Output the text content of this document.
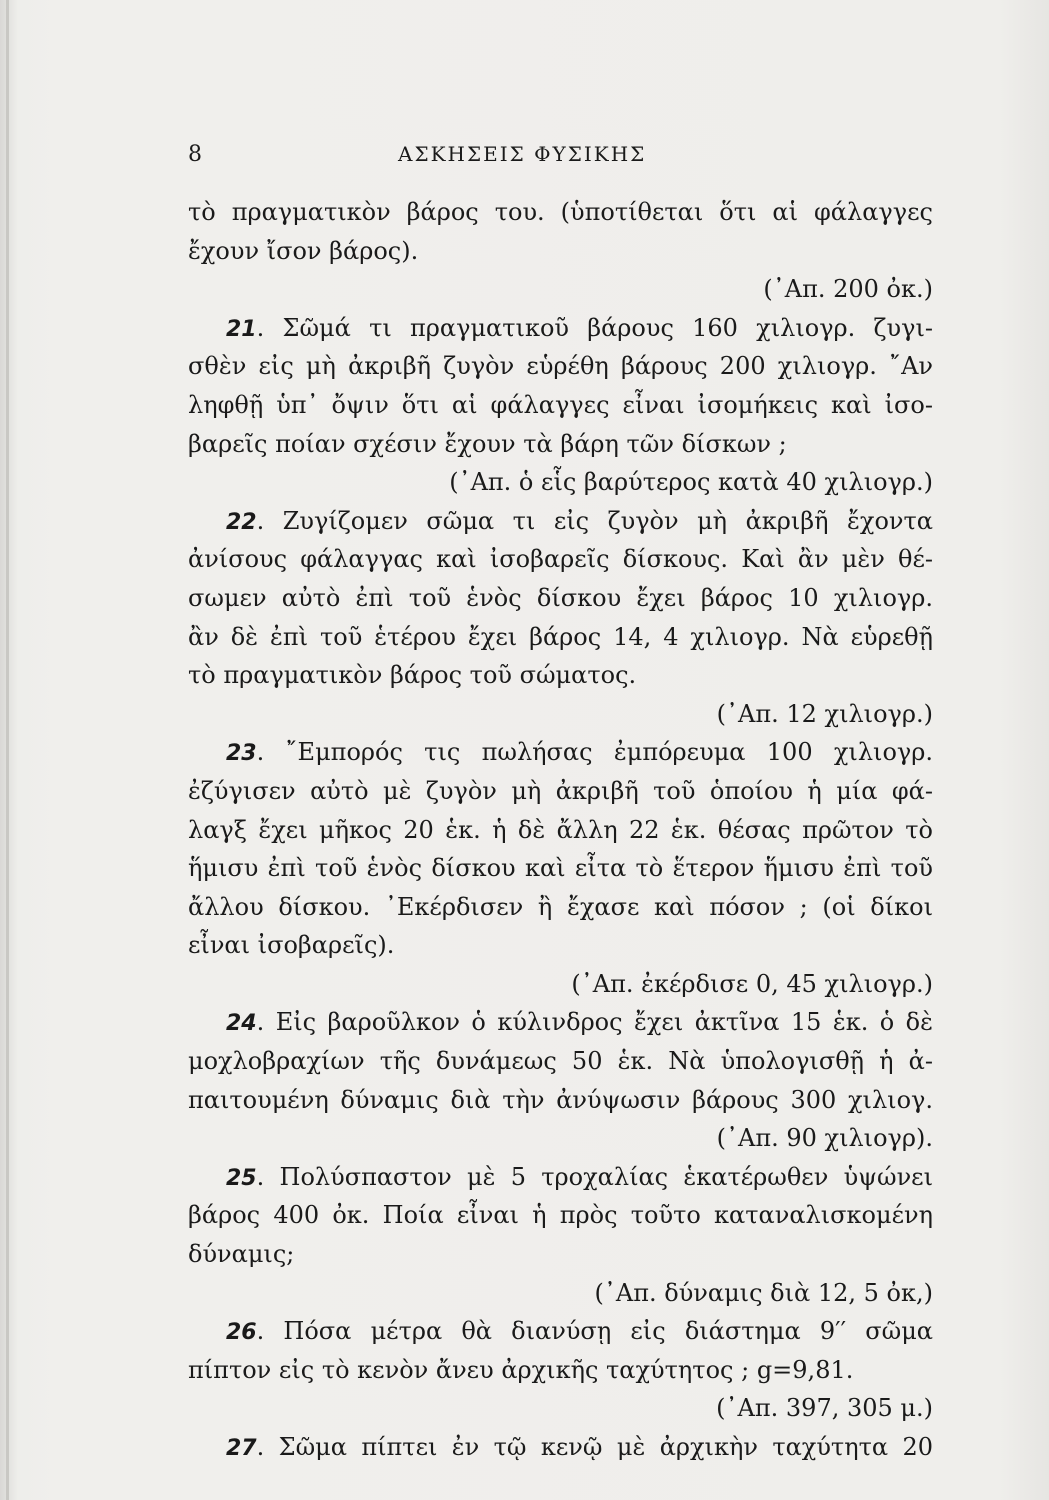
8	ΑΣΚΗΣΕΙΣ ΦΥΣΙΚΗΣ
τὸ πραγματικὸν βάρος του. (ὑποτίθεται ὅτι αἱ φάλαγγες
ἔχουν ἴσον βάρος).
(᾿Απ. 200 ὀκ.)
21. Σῶμά τι πραγματικοῦ βάρους 160 χιλιογρ. ζυγι-
σθὲν εἰς μὴ ἀκριβῆ ζυγὸν εὑρέθη βάρους 200 χιλιογρ. ῎Αν
ληφθῇ ὑπ᾿ ὄψιν ὅτι αἱ φάλαγγες εἶναι ἰσομήκεις καὶ ἰσο-
βαρεῖς ποίαν σχέσιν ἔχουν τὰ βάρη τῶν δίσκων ;
(᾿Απ. ὁ εἷς βαρύτερος κατὰ 40 χιλιογρ.)
22. Ζυγίζομεν σῶμα τι εἰς ζυγὸν μὴ ἀκριβῆ ἔχοντα
ἀνίσους φάλαγγας καὶ ἰσοβαρεῖς δίσκους. Καὶ ἂν μὲν θέ-
σωμεν αὐτὸ ἐπὶ τοῦ ἑνὸς δίσκου ἔχει βάρος 10 χιλιογρ.
ἂν δὲ ἐπὶ τοῦ ἑτέρου ἔχει βάρος 14, 4 χιλιογρ. Νὰ εὑρεθῇ
τὸ πραγματικὸν βάρος τοῦ σώματος.
(᾿Απ. 12 χιλιογρ.)
23. ῎Εμπορός τις πωλήσας ἐμπόρευμα 100 χιλιογρ.
ἐζύγισεν αὐτὸ μὲ ζυγὸν μὴ ἀκριβῆ τοῦ ὁποίου ἡ μία φά-
λαγξ ἔχει μῆκος 20 ἑκ. ἡ δὲ ἄλλη 22 ἑκ. θέσας πρῶτον τὸ
ἥμισυ ἐπὶ τοῦ ἑνὸς δίσκου καὶ εἶτα τὸ ἕτερον ἥμισυ ἐπὶ τοῦ
ἄλλου δίσκου. ᾿Εκέρδισεν ἢ ἔχασε καὶ πόσον ; (οἱ δίκοι
εἶναι ἰσοβαρεῖς).
(᾿Απ. ἐκέρδισε 0, 45 χιλιογρ.)
24. Εἰς βαροῦλκον ὁ κύλινδρος ἔχει ἀκτῖνα 15 ἑκ. ὁ δὲ
μοχλοβραχίων τῆς δυνάμεως 50 ἑκ. Νὰ ὑπολογισθῇ ἡ ἀ-
παιτουμένη δύναμις διὰ τὴν ἀνύψωσιν βάρους 300 χιλιογ.
(᾿Απ. 90 χιλιογρ).
25. Πολύσπαστον μὲ 5 τροχαλίας ἑκατέρωθεν ὑψώνει
βάρος 400 ὀκ. Ποία εἶναι ἡ πρὸς τοῦτο καταναλισκομένη
δύναμις;
(᾿Απ. δύναμις διὰ 12, 5 ὀκ,)
26. Πόσα μέτρα θὰ διανύσῃ εἰς διάστημα 9′′ σῶμα
πίπτον εἰς τὸ κενὸν ἄνευ ἀρχικῆς ταχύτητος ; g=9,81.
(᾿Απ. 397, 305 μ.)
27. Σῶμα πίπτει ἐν τῷ κενῷ μὲ ἀρχικὴν ταχύτητα 20
